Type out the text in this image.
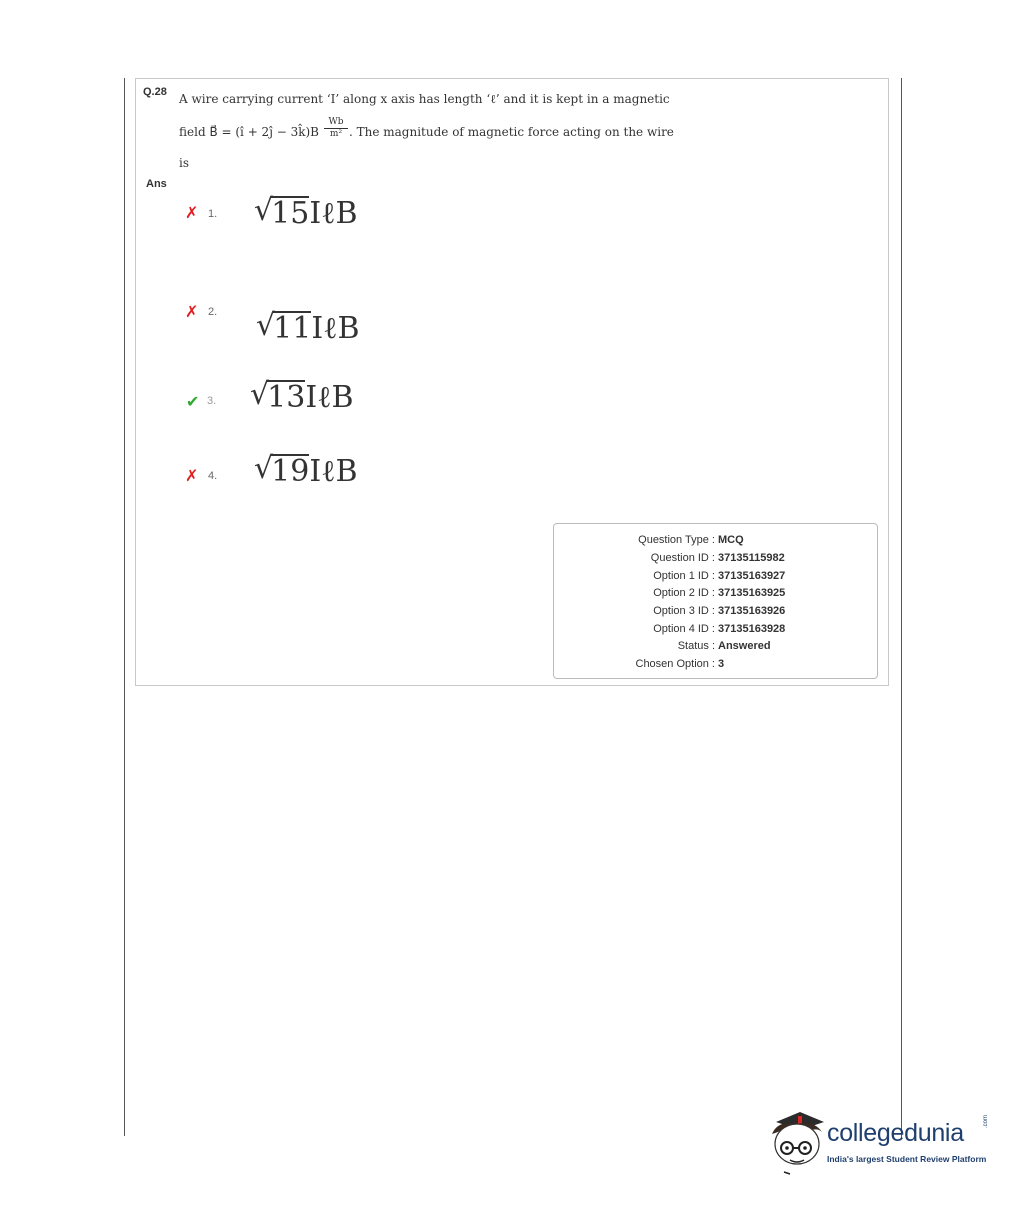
Q.28 A wire carrying current ‘I’ along x axis has length ‘ℓ’ and it is kept in a magnetic
field B⃗ = (î + 2ĵ − 3k̂)B $\frac{Wb}{\text{m²}}$ . The magnitude of magnetic force acting on the wire
is
Ans
✗ 1. √
15 IℓB
✗ 2. √
11 IℓB
✔ 3. √
13 IℓB
✗ 4. √
19 IℓB
Question Type : MCQ
Question ID : 37135115982
Option 1 ID : 37135163927
Option 2 ID : 37135163925
Option 3 ID : 37135163926
Option 4 ID : 37135163928
Status : Answered
Chosen Option : 3
collegedunia	.com
India's largest Student Review Platform
